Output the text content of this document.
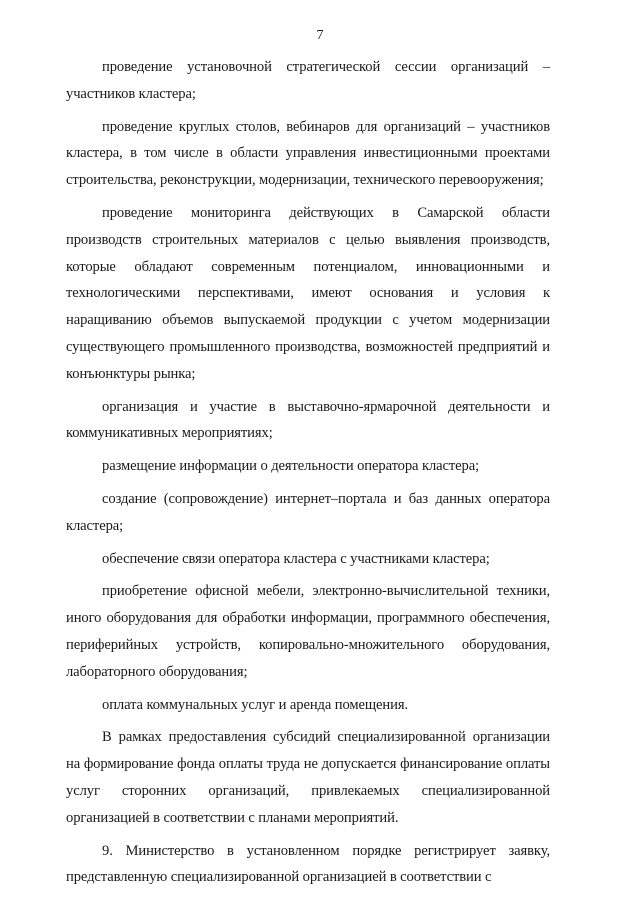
7

проведение установочной стратегической сессии организаций – участников кластера;

проведение круглых столов, вебинаров для организаций – участников кластера, в том числе в области управления инвестиционными проектами строительства, реконструкции, модернизации, технического перевооружения;

проведение мониторинга действующих в Самарской области производств строительных материалов с целью выявления производств, которые обладают современным потенциалом, инновационными и технологическими перспективами, имеют основания и условия к наращиванию объемов выпускаемой продукции с учетом модернизации существующего промышленного производства, возможностей предприятий и конъюнктуры рынка;

организация и участие в выставочно-ярмарочной деятельности и коммуникативных мероприятиях;

размещение информации о деятельности оператора кластера;

создание (сопровождение) интернет–портала и баз данных оператора кластера;

обеспечение связи оператора кластера с участниками кластера;

приобретение офисной мебели, электронно-вычислительной техники, иного оборудования для обработки информации, программного обеспечения, периферийных устройств, копировально-множительного оборудования, лабораторного оборудования;

оплата коммунальных услуг и аренда помещения.

В рамках предоставления субсидий специализированной организации на формирование фонда оплаты труда не допускается финансирование оплаты услуг сторонних организаций, привлекаемых специализированной организацией в соответствии с планами мероприятий.

9. Министерство в установленном порядке регистрирует заявку, представленную специализированной организацией в соответствии с
